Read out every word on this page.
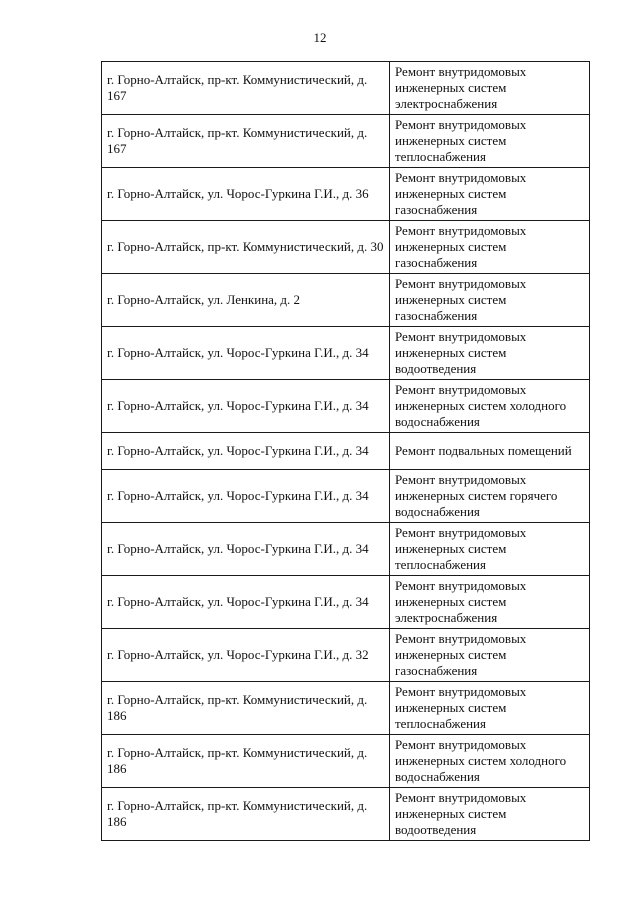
12
г. Горно-Алтайск, пр-кт. Коммунистический, д. 167	Ремонт внутридомовых инженерных систем электроснабжения
г. Горно-Алтайск, пр-кт. Коммунистический, д. 167	Ремонт внутридомовых инженерных систем теплоснабжения
г. Горно-Алтайск, ул. Чорос-Гуркина Г.И., д. 36	Ремонт внутридомовых инженерных систем газоснабжения
г. Горно-Алтайск, пр-кт. Коммунистический, д. 30	Ремонт внутридомовых инженерных систем газоснабжения
г. Горно-Алтайск, ул. Ленкина, д. 2	Ремонт внутридомовых инженерных систем газоснабжения
г. Горно-Алтайск, ул. Чорос-Гуркина Г.И., д. 34	Ремонт внутридомовых инженерных систем водоотведения
г. Горно-Алтайск, ул. Чорос-Гуркина Г.И., д. 34	Ремонт внутридомовых инженерных систем холодного водоснабжения
г. Горно-Алтайск, ул. Чорос-Гуркина Г.И., д. 34	Ремонт подвальных помещений
г. Горно-Алтайск, ул. Чорос-Гуркина Г.И., д. 34	Ремонт внутридомовых инженерных систем горячего водоснабжения
г. Горно-Алтайск, ул. Чорос-Гуркина Г.И., д. 34	Ремонт внутридомовых инженерных систем теплоснабжения
г. Горно-Алтайск, ул. Чорос-Гуркина Г.И., д. 34	Ремонт внутридомовых инженерных систем электроснабжения
г. Горно-Алтайск, ул. Чорос-Гуркина Г.И., д. 32	Ремонт внутридомовых инженерных систем газоснабжения
г. Горно-Алтайск, пр-кт. Коммунистический, д. 186	Ремонт внутридомовых инженерных систем теплоснабжения
г. Горно-Алтайск, пр-кт. Коммунистический, д. 186	Ремонт внутридомовых инженерных систем холодного водоснабжения
г. Горно-Алтайск, пр-кт. Коммунистический, д. 186	Ремонт внутридомовых инженерных систем водоотведения
